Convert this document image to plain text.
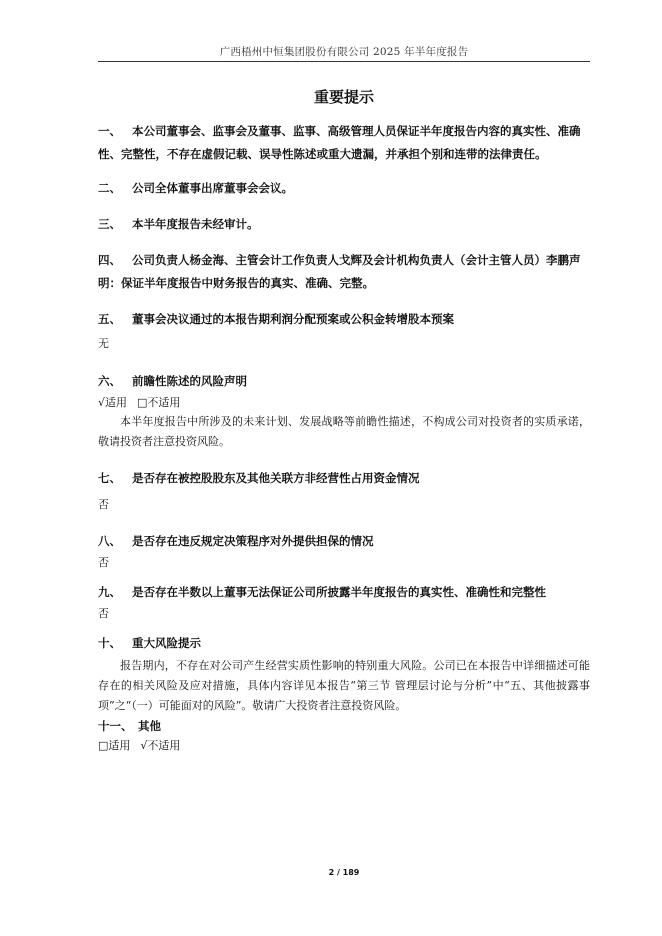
广西梧州中恒集团股份有限公司 2025 年半年度报告
重要提示
一、 本公司董事会、监事会及董事、监事、高级管理人员保证半年度报告内容的真实性、准确性、完整性，不存在虚假记载、误导性陈述或重大遗漏，并承担个别和连带的法律责任。
二、 公司全体董事出席董事会会议。
三、 本半年度报告未经审计。
四、 公司负责人杨金海、主管会计工作负责人戈辉及会计机构负责人（会计主管人员）李鹏声明：保证半年度报告中财务报告的真实、准确、完整。
五、 董事会决议通过的本报告期利润分配预案或公积金转增股本预案
无
六、 前瞻性陈述的风险声明
√适用 □不适用
本半年度报告中所涉及的未来计划、发展战略等前瞻性描述，不构成公司对投资者的实质承诺，敬请投资者注意投资风险。
七、 是否存在被控股股东及其他关联方非经营性占用资金情况
否
八、 是否存在违反规定决策程序对外提供担保的情况
否
九、 是否存在半数以上董事无法保证公司所披露半年度报告的真实性、准确性和完整性
否
十、 重大风险提示
报告期内，不存在对公司产生经营实质性影响的特别重大风险。公司已在本报告中详细描述可能存在的相关风险及应对措施，具体内容详见本报告“第三节 管理层讨论与分析”中“五、其他披露事项”之“（一）可能面对的风险”。敬请广大投资者注意投资风险。
十一、 其他
□适用 √不适用
2 / 189
